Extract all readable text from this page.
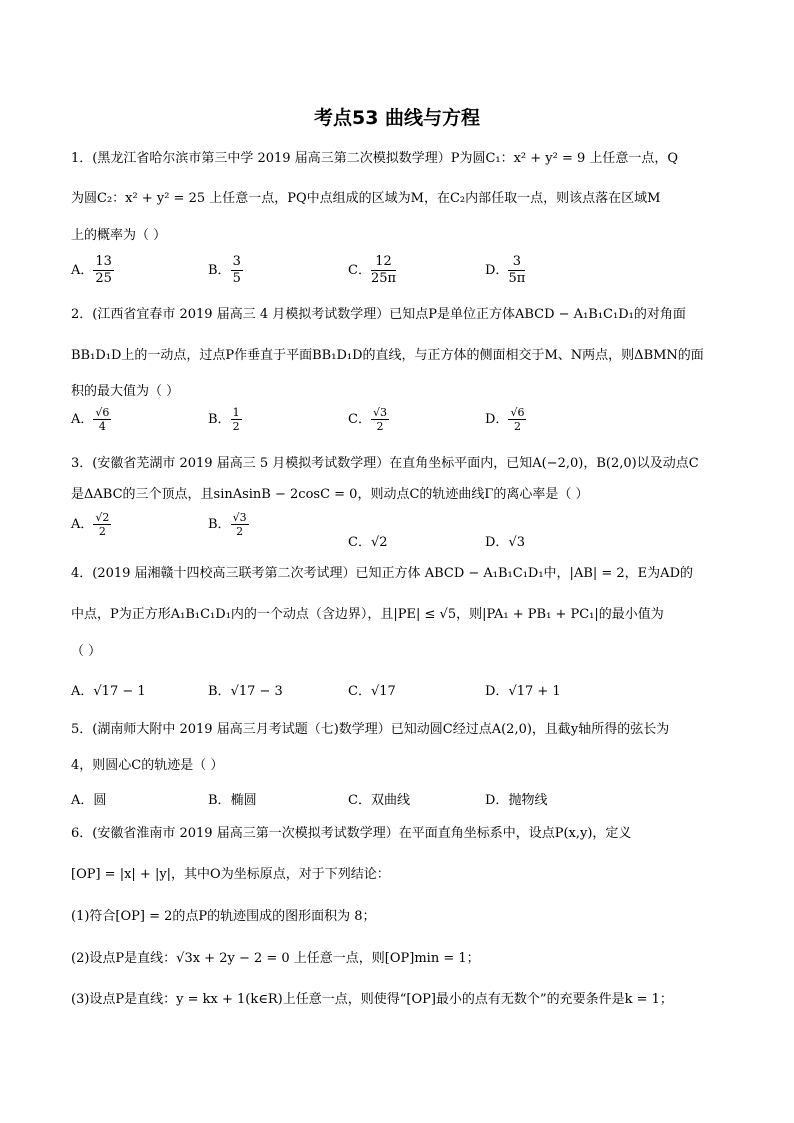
考点53 曲线与方程
1．(黑龙江省哈尔滨市第三中学 2019 届高三第二次模拟数学理）P为圆C₁：x² + y² = 9 上任意一点，Q
为圆C₂：x² + y² = 25 上任意一点，PQ中点组成的区域为M，在C₂内部任取一点，则该点落在区域M
上的概率为（ ）
A． $\frac{13}{25}$	B． $\frac{3}{5}$	C． $\frac{12}{25\pi}$	D． $\frac{3}{5\pi}$
2．(江西省宜春市 2019 届高三 4 月模拟考试数学理）已知点P是单位正方体ABCD − A₁B₁C₁D₁的对角面
BB₁D₁D上的一动点，过点P作垂直于平面BB₁D₁D的直线，与正方体的侧面相交于M、N两点，则ΔBMN的面
积的最大值为（ ）
A． $\frac{√6}{4}$	B． $\frac{1}{2}$	C． $\frac{√3}{2}$	D． $\frac{√6}{2}$
3．(安徽省芜湖市 2019 届高三 5 月模拟考试数学理）在直角坐标平面内，已知A(−2,0)，B(2,0)以及动点C
是ΔABC的三个顶点，且sinAsinB − 2cosC = 0，则动点C的轨迹曲线Γ的离心率是（ ）
A． $\frac{√2}{2}$	B． $\frac{√3}{2}$
C．√2	D．√3
4．(2019 届湘赣十四校高三联考第二次考试理）已知正方体 ABCD − A₁B₁C₁D₁中，|AB| = 2，E为AD的
中点，P为正方形A₁B₁C₁D₁内的一个动点（含边界），且|PE| ≤ √5，则|PA₁ + PB₁ + PC₁|的最小值为
（ ）
A．√17 − 1	B．√17 − 3	C．√17	D．√17 + 1
5．(湖南师大附中 2019 届高三月考试题（七)数学理）已知动圆C经过点A(2,0)，且截y轴所得的弦长为
4，则圆心C的轨迹是（ ）
A．圆	B．椭圆	C．双曲线	D．抛物线
6．(安徽省淮南市 2019 届高三第一次模拟考试数学理）在平面直角坐标系中，设点P(x,y)，定义
[OP] = |x| + |y|，其中O为坐标原点，对于下列结论：
(1)符合[OP] = 2的点P的轨迹围成的图形面积为 8；
(2)设点P是直线：√3x + 2y − 2 = 0 上任意一点，则[OP]min = 1；
(3)设点P是直线：y = kx + 1(k∈R)上任意一点，则使得“[OP]最小的点有无数个”的充要条件是k = 1；
